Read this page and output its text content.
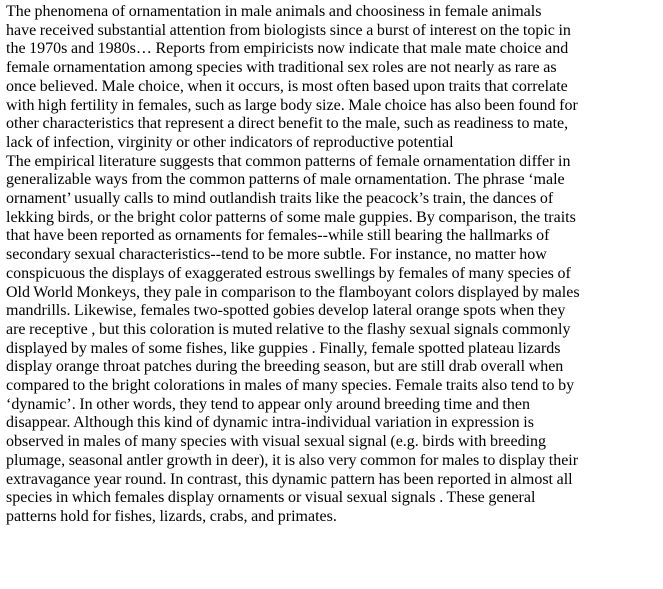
The phenomena of ornamentation in male animals and choosiness in female animals
have received substantial attention from biologists since a burst of interest on the topic in
the 1970s and 1980s… Reports from empiricists now indicate that male mate choice and
female ornamentation among species with traditional sex roles are not nearly as rare as
once believed. Male choice, when it occurs, is most often based upon traits that correlate
with high fertility in females, such as large body size. Male choice has also been found for
other characteristics that represent a direct benefit to the male, such as readiness to mate,
lack of infection, virginity or other indicators of reproductive potential

The empirical literature suggests that common patterns of female ornamentation differ in
generalizable ways from the common patterns of male ornamentation. The phrase ‘male
ornament’ usually calls to mind outlandish traits like the peacock’s train, the dances of
lekking birds, or the bright color patterns of some male guppies. By comparison, the traits
that have been reported as ornaments for females--while still bearing the hallmarks of
secondary sexual characteristics--tend to be more subtle. For instance, no matter how
conspicuous the displays of exaggerated estrous swellings by females of many species of
Old World Monkeys, they pale in comparison to the flamboyant colors displayed by males
mandrills. Likewise, females two-spotted gobies develop lateral orange spots when they
are receptive , but this coloration is muted relative to the flashy sexual signals commonly
displayed by males of some fishes, like guppies . Finally, female spotted plateau lizards
display orange throat patches during the breeding season, but are still drab overall when
compared to the bright colorations in males of many species. Female traits also tend to by
‘dynamic’. In other words, they tend to appear only around breeding time and then
disappear. Although this kind of dynamic intra-individual variation in expression is
observed in males of many species with visual sexual signal (e.g. birds with breeding
plumage, seasonal antler growth in deer), it is also very common for males to display their
extravagance year round. In contrast, this dynamic pattern has been reported in almost all
species in which females display ornaments or visual sexual signals . These general
patterns hold for fishes, lizards, crabs, and primates.
